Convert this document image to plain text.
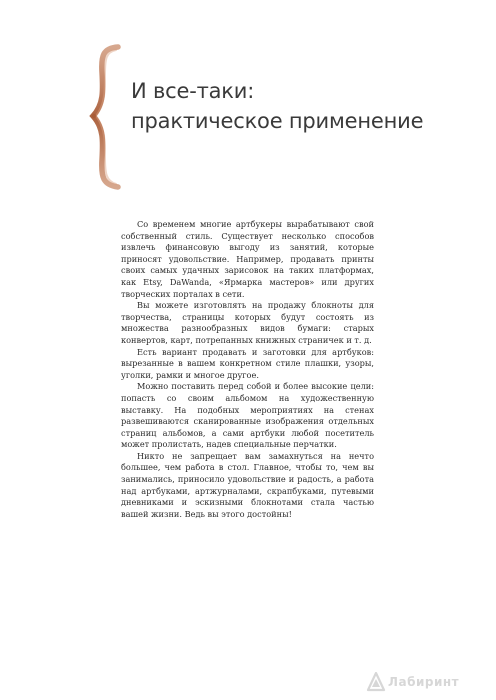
И все-таки:
практическое применение

Со временем многие артбукеры вырабатывают свой собственный стиль. Существует несколько способов извлечь финансовую выгоду из занятий, которые приносят удовольствие. Например, продавать принты своих самых удачных зарисовок на таких платформах, как Etsy, DaWanda, «Ярмарка мастеров» или других творческих порталах в сети.

Вы можете изготовлять на продажу блокноты для творчества, страницы которых будут состоять из множества разнообразных видов бумаги: старых конвертов, карт, потрепанных книжных страничек и т. д.

Есть вариант продавать и заготовки для артбуков: вырезанные в вашем конкретном стиле плашки, узоры, уголки, рамки и многое другое.

Можно поставить перед собой и более высокие цели: попасть со своим альбомом на художественную выставку. На подобных мероприятиях на стенах развешиваются сканированные изображения отдельных страниц альбомов, а сами артбуки любой посетитель может пролистать, надев специальные перчатки.

Никто не запрещает вам замахнуться на нечто большее, чем работа в стол. Главное, чтобы то, чем вы занимались, приносило удовольствие и радость, а работа над артбуками, артжурналами, скрапбуками, путевыми дневниками и эскизными блокнотами стала частью вашей жизни. Ведь вы этого достойны!

Лабиринт
